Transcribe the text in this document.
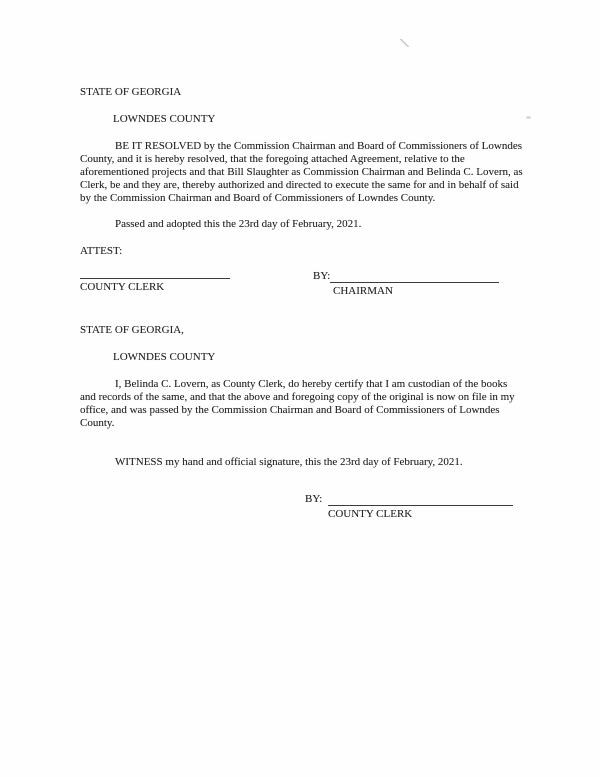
STATE OF GEORGIA
LOWNDES COUNTY

BE IT RESOLVED by the Commission Chairman and Board of Commissioners of Lowndes County, and it is hereby resolved, that the foregoing attached Agreement, relative to the aforementioned projects and that Bill Slaughter as Commission Chairman and Belinda C. Lovern, as Clerk, be and they are, thereby authorized and directed to execute the same for and in behalf of said by the Commission Chairman and Board of Commissioners of Lowndes County.

Passed and adopted this the 23rd day of February, 2021.
ATTEST:
COUNTY CLERK
BY:
CHAIRMAN
STATE OF GEORGIA,
LOWNDES COUNTY

I, Belinda C. Lovern, as County Clerk, do hereby certify that I am custodian of the books and records of the same, and that the above and foregoing copy of the original is now on file in my office, and was passed by the Commission Chairman and Board of Commissioners of Lowndes County.

WITNESS my hand and official signature, this the 23rd day of February, 2021.
BY:
COUNTY CLERK
